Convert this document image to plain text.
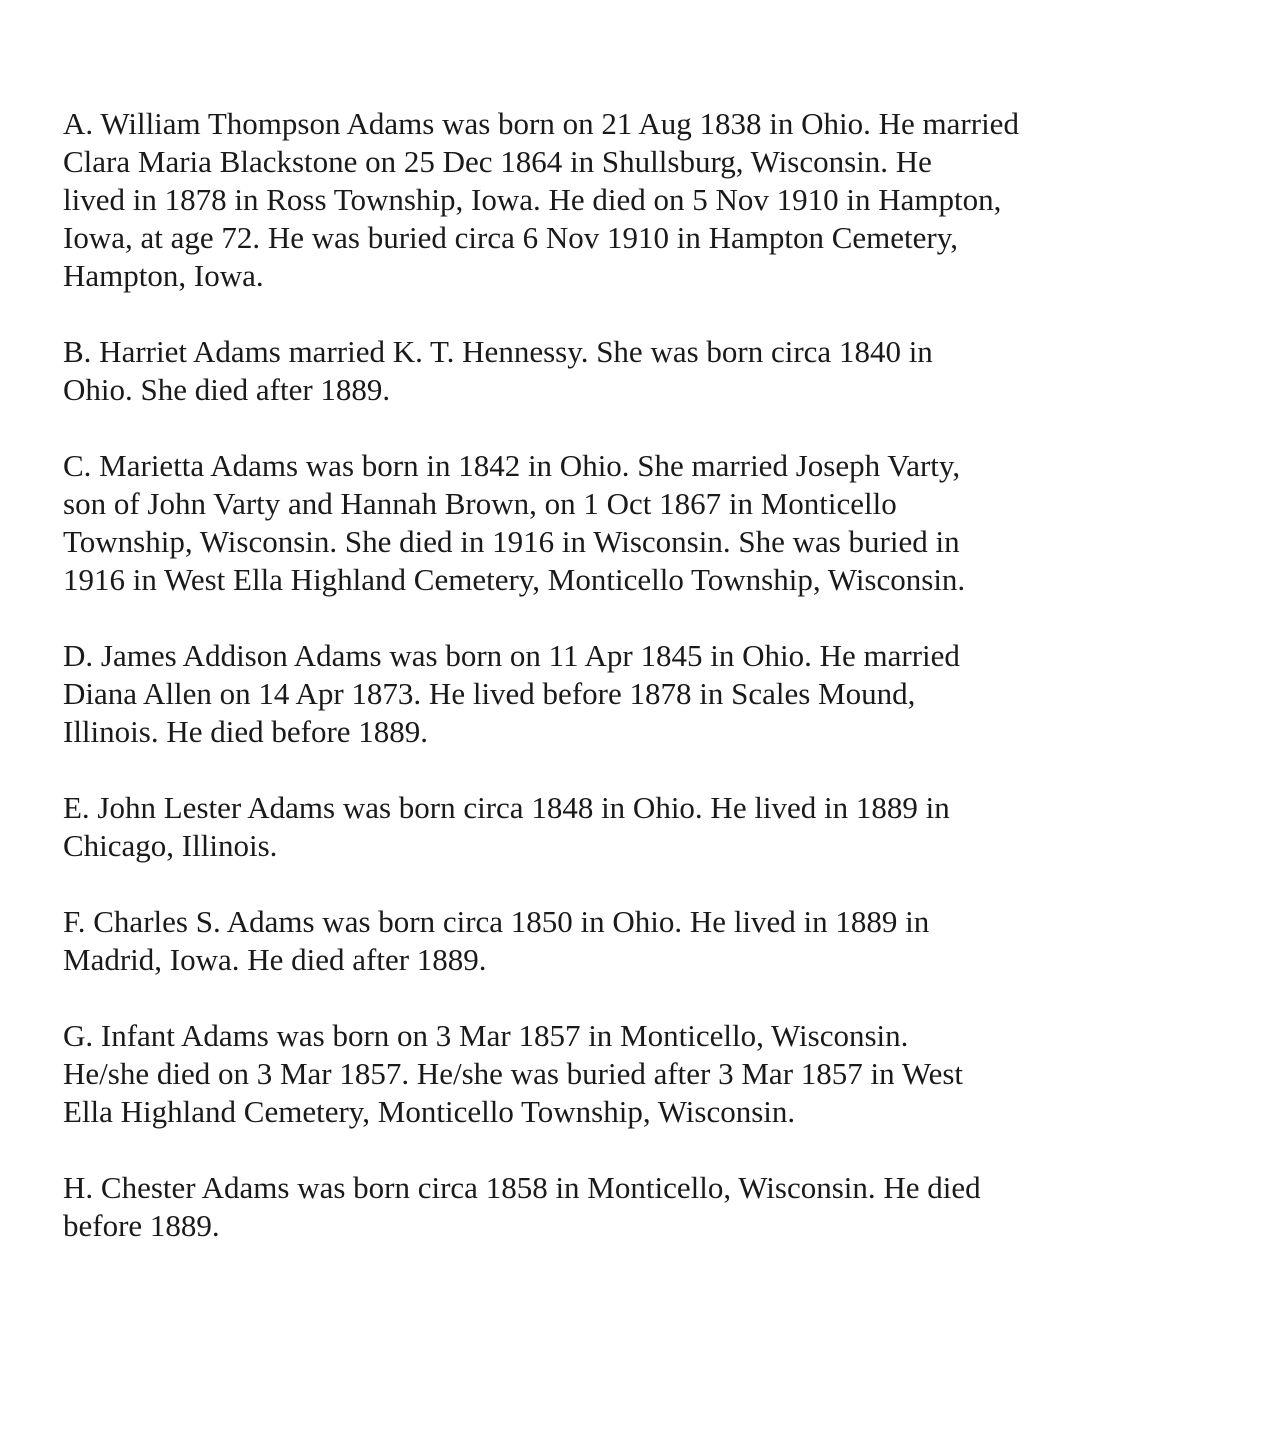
A. William Thompson Adams was born on 21 Aug 1838 in Ohio. He married
Clara Maria Blackstone on 25 Dec 1864 in Shullsburg, Wisconsin. He
lived in 1878 in Ross Township, Iowa. He died on 5 Nov 1910 in Hampton,
Iowa, at age 72. He was buried circa 6 Nov 1910 in Hampton Cemetery,
Hampton, Iowa.

B. Harriet Adams married K. T. Hennessy. She was born circa 1840 in
Ohio. She died after 1889.

C. Marietta Adams was born in 1842 in Ohio. She married Joseph Varty,
son of John Varty and Hannah Brown, on 1 Oct 1867 in Monticello
Township, Wisconsin. She died in 1916 in Wisconsin. She was buried in
1916 in West Ella Highland Cemetery, Monticello Township, Wisconsin.

D. James Addison Adams was born on 11 Apr 1845 in Ohio. He married
Diana Allen on 14 Apr 1873. He lived before 1878 in Scales Mound,
Illinois. He died before 1889.

E. John Lester Adams was born circa 1848 in Ohio. He lived in 1889 in
Chicago, Illinois.

F. Charles S. Adams was born circa 1850 in Ohio. He lived in 1889 in
Madrid, Iowa. He died after 1889.

G. Infant Adams was born on 3 Mar 1857 in Monticello, Wisconsin.
He/she died on 3 Mar 1857. He/she was buried after 3 Mar 1857 in West
Ella Highland Cemetery, Monticello Township, Wisconsin.

H. Chester Adams was born circa 1858 in Monticello, Wisconsin. He died
before 1889.
